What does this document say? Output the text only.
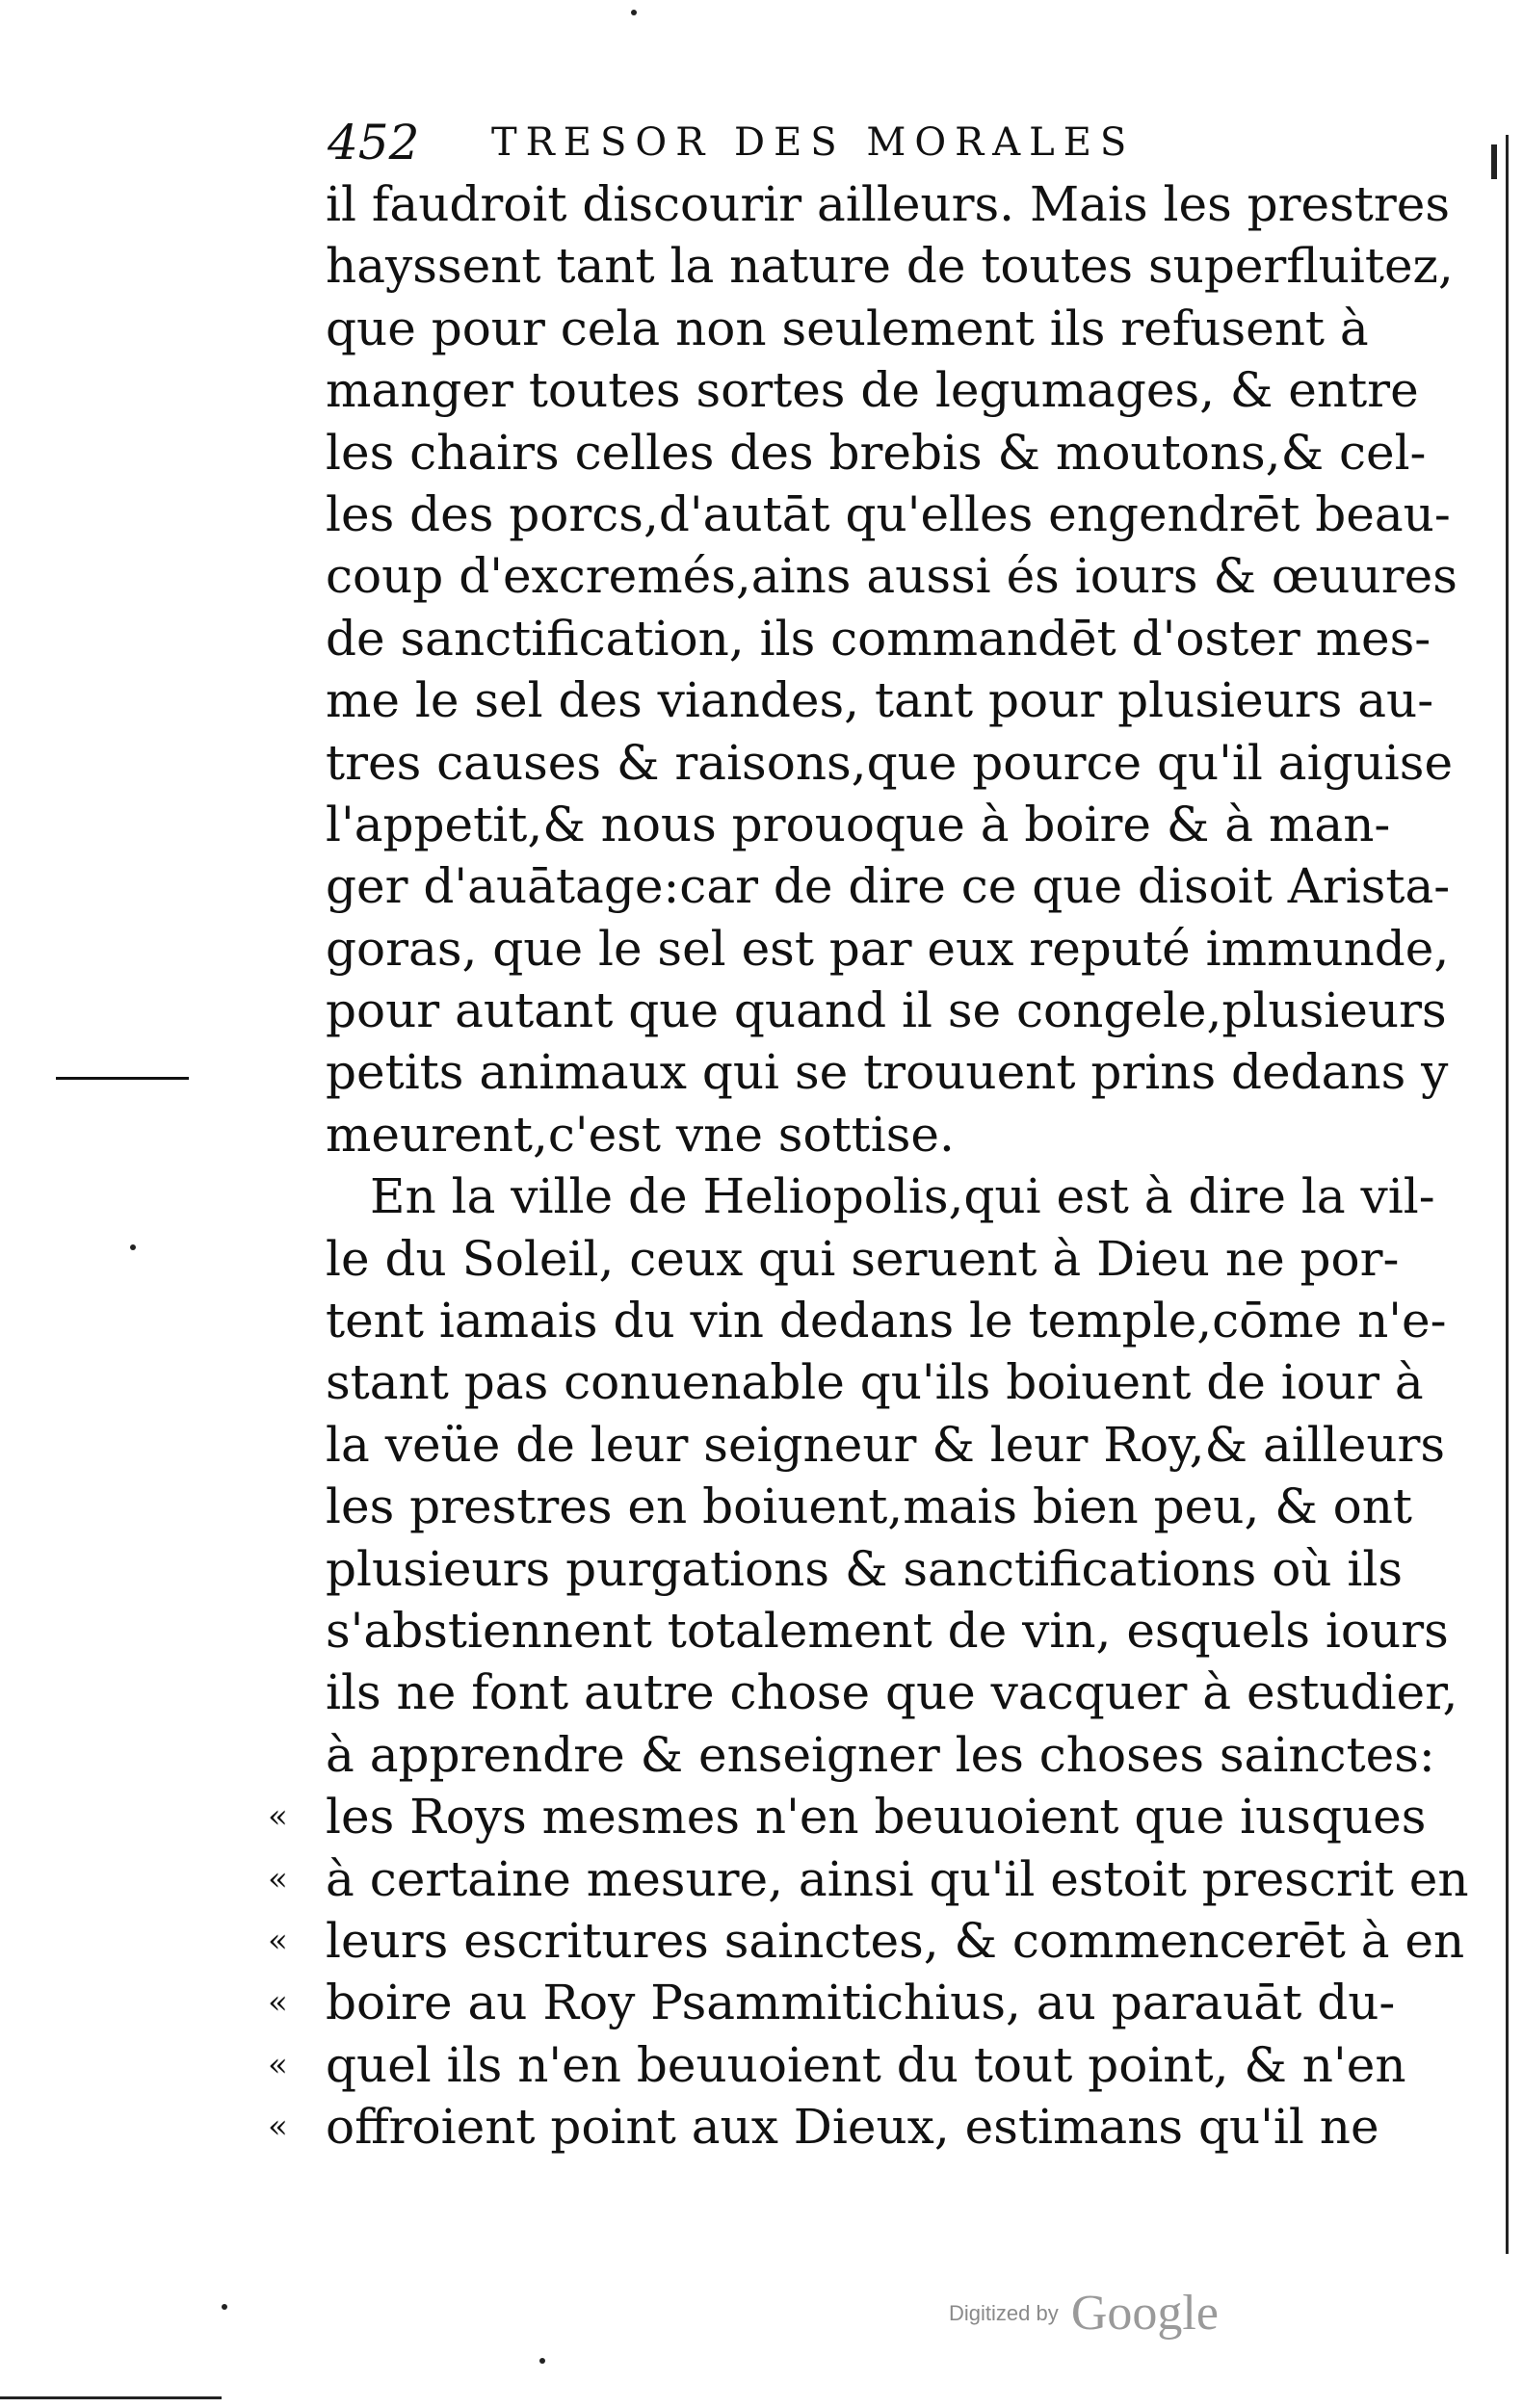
452 TRESOR DES MORALES
il faudroit discourir ailleurs. Mais les prestres
hayssent tant la nature de toutes superfluitez,
que pour cela non seulement ils refusent à
manger toutes sortes de legumages, & entre
les chairs celles des brebis & moutons,& cel-
les des porcs,d'autāt qu'elles engendrēt beau-
coup d'excremés,ains aussi és iours & œuures
de sanctification, ils commandēt d'oster mes-
me le sel des viandes, tant pour plusieurs au-
tres causes & raisons,que pource qu'il aiguise
l'appetit,& nous prouoque à boire & à man-
ger d'auātage:car de dire ce que disoit Arista-
goras, que le sel est par eux reputé immunde,
pour autant que quand il se congele,plusieurs
petits animaux qui se trouuent prins dedans y
meurent,c'est vne sottise.
En la ville de Heliopolis,qui est à dire la vil-
le du Soleil, ceux qui seruent à Dieu ne por-
tent iamais du vin dedans le temple,cōme n'e-
stant pas conuenable qu'ils boiuent de iour à
la veüe de leur seigneur & leur Roy,& ailleurs
les prestres en boiuent,mais bien peu, & ont
plusieurs purgations & sanctifications où ils
s'abstiennent totalement de vin, esquels iours
ils ne font autre chose que vacquer à estudier,
à apprendre & enseigner les choses sainctes:
« les Roys mesmes n'en beuuoient que iusques
« à certaine mesure, ainsi qu'il estoit prescrit en
« leurs escritures sainctes, & commencerēt à en
« boire au Roy Psammitichius, au parauāt du-
« quel ils n'en beuuoient du tout point, & n'en
« offroient point aux Dieux, estimans qu'il ne
Digitized by Google
